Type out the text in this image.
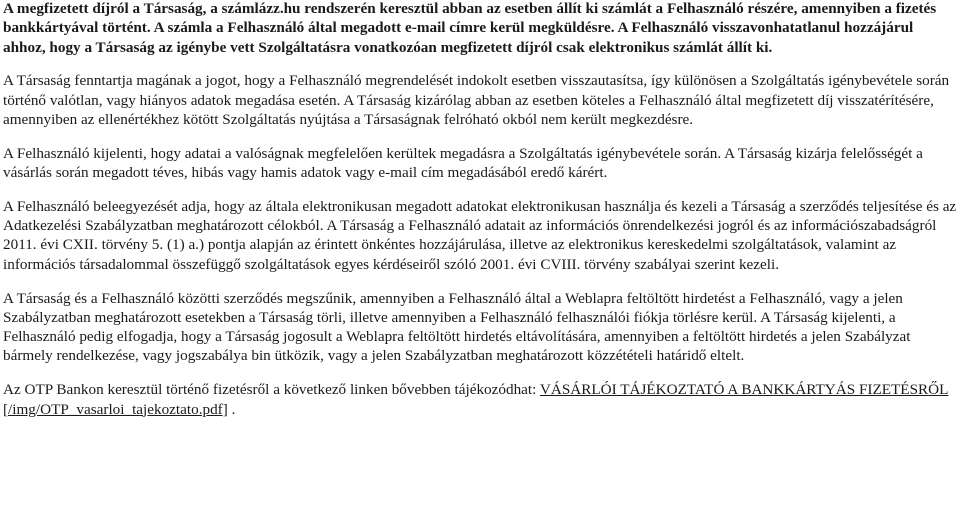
A megfizetett díjról a Társaság, a számlázz.hu rendszerén keresztül abban az esetben állít ki számlát a Felhasználó részére, amennyiben a fizetés bankkártyával történt. A számla a Felhasználó által megadott e-mail címre kerül megküldésre. A Felhasználó visszavonhatatlanul hozzájárul ahhoz, hogy a Társaság az igénybe vett Szolgáltatásra vonatkozóan megfizetett díjról csak elektronikus számlát állít ki.

A Társaság fenntartja magának a jogot, hogy a Felhasználó megrendelését indokolt esetben visszautasítsa, így különösen a Szolgáltatás igénybevétele során történő valótlan, vagy hiányos adatok megadása esetén. A Társaság kizárólag abban az esetben köteles a Felhasználó által megfizetett díj visszatérítésére, amennyiben az ellenértékhez kötött Szolgáltatás nyújtása a Társaságnak felróható okból nem került megkezdésre.

A Felhasználó kijelenti, hogy adatai a valóságnak megfelelően kerültek megadásra a Szolgáltatás igénybevétele során. A Társaság kizárja felelősségét a vásárlás során megadott téves, hibás vagy hamis adatok vagy e-mail cím megadásából eredő kárért.

A Felhasználó beleegyezését adja, hogy az általa elektronikusan megadott adatokat elektronikusan használja és kezeli a Társaság a szerződés teljesítése és az Adatkezelési Szabályzatban meghatározott célokból. A Társaság a Felhasználó adatait az információs önrendelkezési jogról és az információszabadságról 2011. évi CXII. törvény 5. (1) a.) pontja alapján az érintett önkéntes hozzájárulása, illetve az elektronikus kereskedelmi szolgáltatások, valamint az információs társadalommal összefüggő szolgáltatások egyes kérdéseiről szóló 2001. évi CVIII. törvény szabályai szerint kezeli.

A Társaság és a Felhasználó közötti szerződés megszűnik, amennyiben a Felhasználó által a Weblapra feltöltött hirdetést a Felhasználó, vagy a jelen Szabályzatban meghatározott esetekben a Társaság törli, illetve amennyiben a Felhasználó felhasználói fiókja törlésre kerül. A Társaság kijelenti, a Felhasználó pedig elfogadja, hogy a Társaság jogosult a Weblapra feltöltött hirdetés eltávolítására, amennyiben a feltöltött hirdetés a jelen Szabályzat bármely rendelkezése, vagy jogszabálya bin ütközik, vagy a jelen Szabályzatban meghatározott közzétételi határidő eltelt.

Az OTP Bankon keresztül történő fizetésről a következő linken bővebben tájékozódhat: VÁSÁRLÓI TÁJÉKOZTATÓ A BANKKÁRTYÁS FIZETÉSRŐL [/img/OTP_vasarloi_tajekoztato.pdf] .
